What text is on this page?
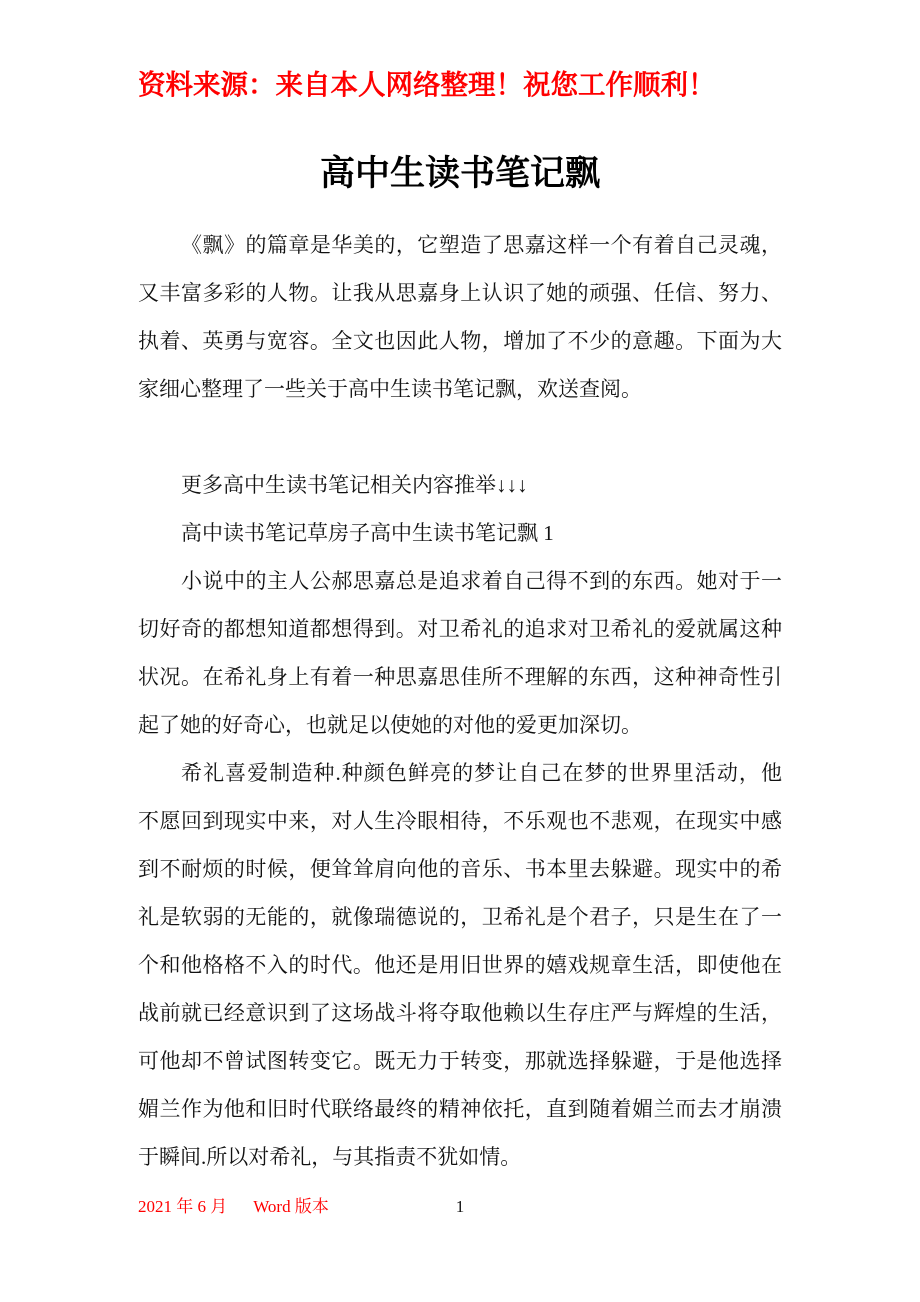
资料来源：来自本人网络整理！祝您工作顺利！
高中生读书笔记飘
《飘》的篇章是华美的，它塑造了思嘉这样一个有着自己灵魂，
又丰富多彩的人物。让我从思嘉身上认识了她的顽强、任信、努力、
执着、英勇与宽容。全文也因此人物，增加了不少的意趣。下面为大
家细心整理了一些关于高中生读书笔记飘，欢送查阅。
更多高中生读书笔记相关内容推举↓↓↓
高中读书笔记草房子高中生读书笔记飘 1
小说中的主人公郝思嘉总是追求着自己得不到的东西。她对于一
切好奇的都想知道都想得到。对卫希礼的追求对卫希礼的爱就属这种
状况。在希礼身上有着一种思嘉思佳所不理解的东西，这种神奇性引
起了她的好奇心，也就足以使她的对他的爱更加深切。
希礼喜爱制造种.种颜色鲜亮的梦让自己在梦的世界里活动，他
不愿回到现实中来，对人生冷眼相待，不乐观也不悲观，在现实中感
到不耐烦的时候，便耸耸肩向他的音乐、书本里去躲避。现实中的希
礼是软弱的无能的，就像瑞德说的，卫希礼是个君子，只是生在了一
个和他格格不入的时代。他还是用旧世界的嬉戏规章生活，即使他在
战前就已经意识到了这场战斗将夺取他赖以生存庄严与辉煌的生活，
可他却不曾试图转变它。既无力于转变，那就选择躲避，于是他选择
媚兰作为他和旧时代联络最终的精神依托，直到随着媚兰而去才崩溃
于瞬间.所以对希礼，与其指责不犹如情。
2021 年 6 月 Word 版本	1
